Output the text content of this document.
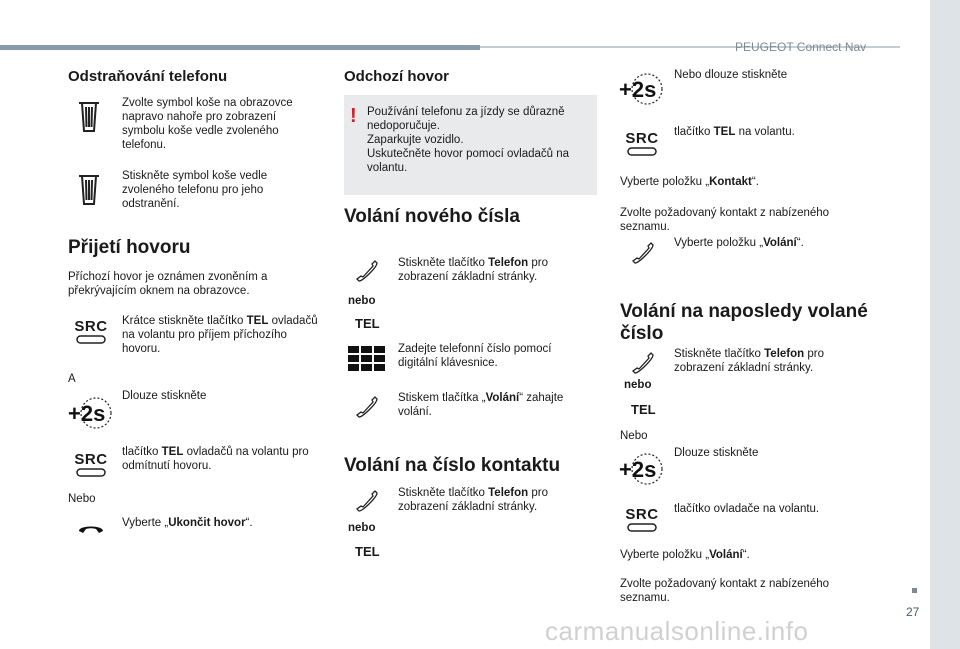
PEUGEOT Connect Nav
27
Odstraňování telefonu

Zvolte symbol koše na obrazovce napravo nahoře pro zobrazení symbolu koše vedle zvoleného telefonu.

Stiskněte symbol koše vedle zvoleného telefonu pro jeho odstranění.

Přijetí hovoru

Příchozí hovor je oznámen zvoněním a překrývajícím oknem na obrazovce.

SRC Krátce stiskněte tlačítko TEL ovladačů na volantu pro příjem příchozího hovoru.

A

+2s

Dlouze stiskněte

SRC tlačítko TEL ovladačů na volantu pro odmítnutí hovoru.

Nebo

Vyberte „Ukončit hovor“.

Odchozí hovor
! Používání telefonu za jízdy se důrazně nedoporučuje.
Zaparkujte vozidlo.
Uskutečněte hovor pomocí ovladačů na volantu.

Volání nového čísla
nebo
TEL

Stiskněte tlačítko Telefon pro zobrazení základní stránky.

Zadejte telefonní číslo pomocí digitální klávesnice.

Stiskem tlačítka „Volání“ zahajte volání.

Volání na číslo kontaktu
nebo
TEL

Stiskněte tlačítko Telefon pro zobrazení základní stránky.

+2s

Nebo dlouze stiskněte

SRC tlačítko TEL na volantu.

Vyberte položku „Kontakt“.

Zvolte požadovaný kontakt z nabízeného seznamu.

Vyberte položku „Volání“.

Volání na naposledy volané číslo
nebo
TEL

Stiskněte tlačítko Telefon pro zobrazení základní stránky.

Nebo

+2s

Dlouze stiskněte

SRC tlačítko ovladače na volantu.

Vyberte položku „Volání“.

Zvolte požadovaný kontakt z nabízeného seznamu.

carmanualsonline.info
